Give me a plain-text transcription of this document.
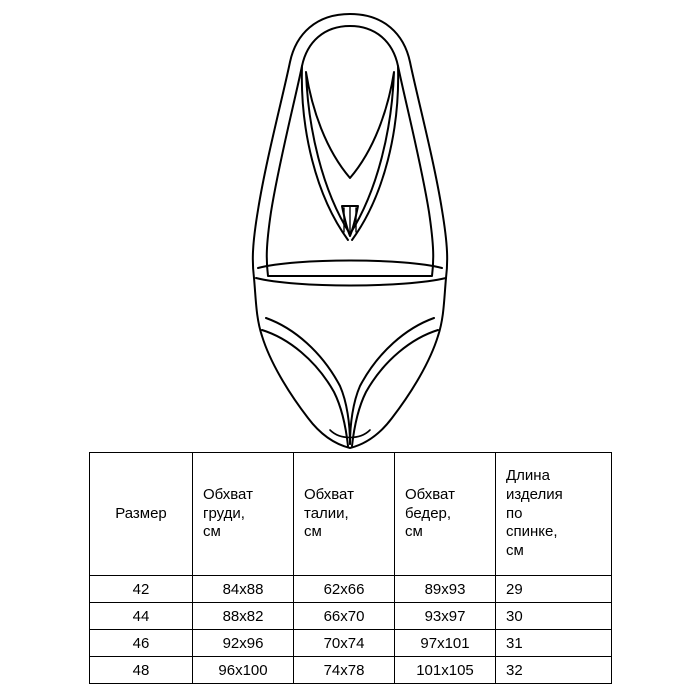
Размер	Обхват
груди,
см	Обхват
талии,
см	Обхват
бедер,
см	Длина
изделия
по
спинке,
см
42	84х88	62х66	89х93	29
44	88х82	66х70	93х97	30
46	92х96	70х74	97х101	31
48	96х100	74х78	101х105	32
